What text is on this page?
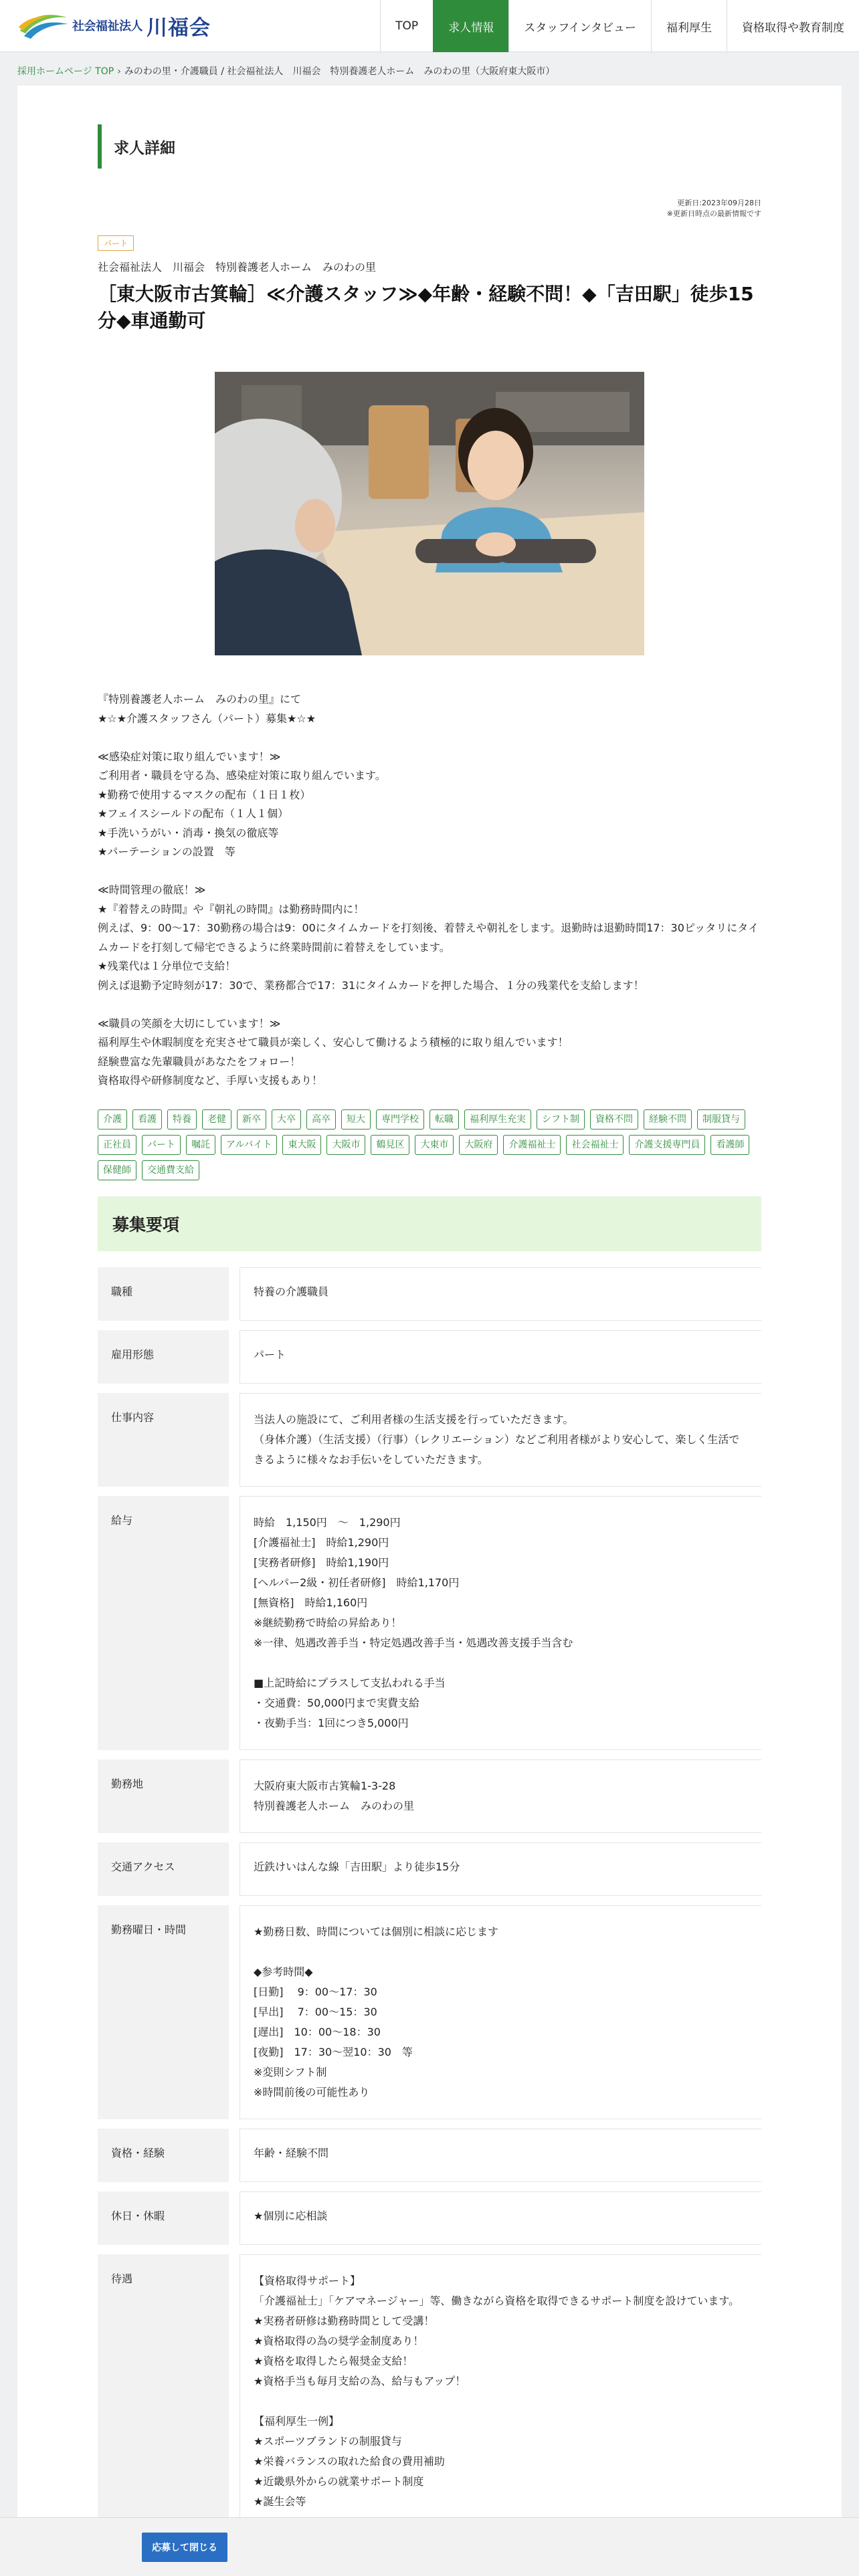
社会福祉法人 川福会	TOP	求人情報	スタッフインタビュー	福利厚生	資格取得や教育制度
採用ホームページ TOP › みのわの里・介護職員 / 社会福祉法人　川福会　特別養護老人ホーム　みのわの里（大阪府東大阪市）
求人詳細
更新日:2023年09月28日
※更新日時点の最新情報です
パート
社会福祉法人　川福会　特別養護老人ホーム　みのわの里
［東大阪市古箕輪］≪介護スタッフ≫◆年齢・経験不問！◆「吉田駅」徒歩15分◆車通勤可

『特別養護老人ホーム　みのわの里』にて

★☆★介護スタッフさん（パート）募集★☆★

≪感染症対策に取り組んでいます！≫

ご利用者・職員を守る為、感染症対策に取り組んでいます。

★勤務で使用するマスクの配布（１日１枚）

★フェイスシールドの配布（１人１個）

★手洗いうがい・消毒・換気の徹底等

★パーテーションの設置　等

≪時間管理の徹底！≫

★『着替えの時間』や『朝礼の時間』は勤務時間内に！

例えば、9：00〜17：30勤務の場合は9：00にタイムカードを打刻後、着替えや朝礼をします。退勤時は退勤時間17：30ピッタリにタイムカードを打刻して帰宅できるように終業時間前に着替えをしています。

★残業代は１分単位で支給！

例えば退勤予定時刻が17：30で、業務都合で17：31にタイムカードを押した場合、１分の残業代を支給します！

≪職員の笑顔を大切にしています！≫

福利厚生や休暇制度を充実させて職員が楽しく、安心して働けるよう積極的に取り組んでいます！

経験豊富な先輩職員があなたをフォロー！

資格取得や研修制度など、手厚い支援もあり！

介護	看護	特養	老健	新卒	大卒	高卒	短大	専門学校	転職	福利厚生充実	シフト制	資格不問	経験不問	制服貸与
正社員	パート	嘱託	アルバイト	東大阪	大阪市	鶴見区	大東市	大阪府	介護福祉士	社会福祉士	介護支援専門員	看護師
保健師	交通費支給
募集要項
職種	特養の介護職員

雇用形態	パート

仕事内容	当法人の施設にて、ご利用者様の生活支援を行っていただきます。

（身体介護）（生活支援）（行事）（レクリエーション）などご利用者様がより安心して、楽しく生活できるように様々なお手伝いをしていただきます。

給与	時給　1,150円　〜　1,290円

[介護福祉士]　時給1,290円

[実務者研修]　時給1,190円

[ヘルパー2級・初任者研修]　時給1,170円

[無資格]　時給1,160円

※継続勤務で時給の昇給あり！

※一律、処遇改善手当・特定処遇改善手当・処遇改善支援手当含む

■上記時給にプラスして支払われる手当

・交通費：50,000円まで実費支給

・夜勤手当：1回につき5,000円

勤務地	大阪府東大阪市古箕輪1-3-28

特別養護老人ホーム　みのわの里

交通アクセス	近鉄けいはんな線「吉田駅」より徒歩15分

勤務曜日・時間	★勤務日数、時間については個別に相談に応じます

◆参考時間◆

[日勤]　 9：00〜17：30

[早出]　 7：00〜15：30

[遅出]　10：00〜18：30

[夜勤]　17：30〜翌10：30　等

※変則シフト制

※時間前後の可能性あり

資格・経験	年齢・経験不問

休日・休暇	★個別に応相談

待遇	【資格取得サポート】

「介護福祉士」「ケアマネージャー」等、働きながら資格を取得できるサポート制度を設けています。

★実務者研修は勤務時間として受講！

★資格取得の為の奨学金制度あり！

★資格を取得したら報奨金支給！

★資格手当も毎月支給の為、給与もアップ！

【福利厚生一例】

★スポーツブランドの制服貸与

★栄養バランスの取れた給食の費用補助

★近畿県外からの就業サポート制度

★誕生会等

応募して閉じる
